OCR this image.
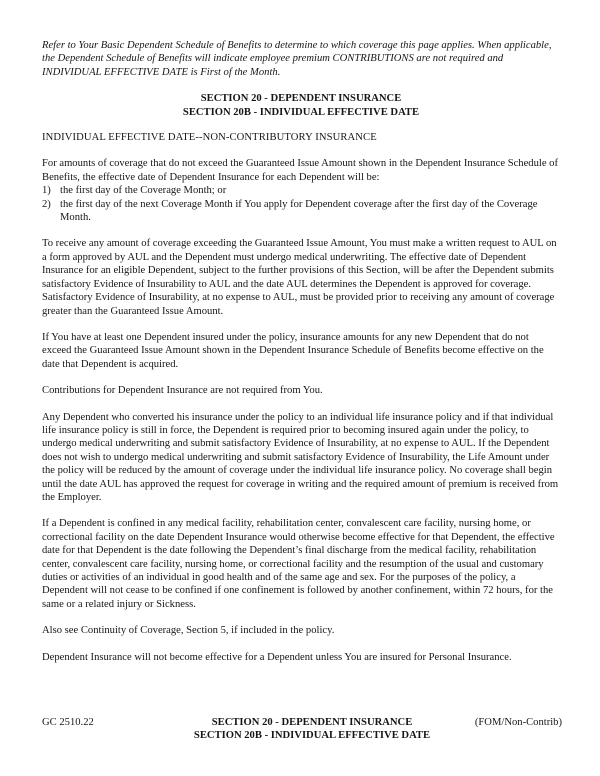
Refer to Your Basic Dependent Schedule of Benefits to determine to which coverage this page applies. When applicable, the Dependent Schedule of Benefits will indicate employee premium CONTRIBUTIONS are not required and INDIVIDUAL EFFECTIVE DATE is First of the Month.

SECTION 20 - DEPENDENT INSURANCE
SECTION 20B - INDIVIDUAL EFFECTIVE DATE

INDIVIDUAL EFFECTIVE DATE--NON-CONTRIBUTORY INSURANCE

For amounts of coverage that do not exceed the Guaranteed Issue Amount shown in the Dependent Insurance Schedule of Benefits, the effective date of Dependent Insurance for each Dependent will be:

1) the first day of the Coverage Month; or
2) the first day of the next Coverage Month if You apply for Dependent coverage after the first day of the Coverage Month.

To receive any amount of coverage exceeding the Guaranteed Issue Amount, You must make a written request to AUL on a form approved by AUL and the Dependent must undergo medical underwriting. The effective date of Dependent Insurance for an eligible Dependent, subject to the further provisions of this Section, will be after the Dependent submits satisfactory Evidence of Insurability to AUL and the date AUL determines the Dependent is approved for coverage. Satisfactory Evidence of Insurability, at no expense to AUL, must be provided prior to receiving any amount of coverage greater than the Guaranteed Issue Amount.

If You have at least one Dependent insured under the policy, insurance amounts for any new Dependent that do not exceed the Guaranteed Issue Amount shown in the Dependent Insurance Schedule of Benefits become effective on the date that Dependent is acquired.

Contributions for Dependent Insurance are not required from You.

Any Dependent who converted his insurance under the policy to an individual life insurance policy and if that individual life insurance policy is still in force, the Dependent is required prior to becoming insured again under the policy, to undergo medical underwriting and submit satisfactory Evidence of Insurability, at no expense to AUL. If the Dependent does not wish to undergo medical underwriting and submit satisfactory Evidence of Insurability, the Life Amount under the policy will be reduced by the amount of coverage under the individual life insurance policy. No coverage shall begin until the date AUL has approved the request for coverage in writing and the required amount of premium is received from the Employer.

If a Dependent is confined in any medical facility, rehabilitation center, convalescent care facility, nursing home, or correctional facility on the date Dependent Insurance would otherwise become effective for that Dependent, the effective date for that Dependent is the date following the Dependent’s final discharge from the medical facility, rehabilitation center, convalescent care facility, nursing home, or correctional facility and the resumption of the usual and customary duties or activities of an individual in good health and of the same age and sex. For the purposes of the policy, a Dependent will not cease to be confined if one confinement is followed by another confinement, within 72 hours, for the same or a related injury or Sickness.

Also see Continuity of Coverage, Section 5, if included in the policy.

Dependent Insurance will not become effective for a Dependent unless You are insured for Personal Insurance.

GC 2510.22	SECTION 20 - DEPENDENT INSURANCE
SECTION 20B - INDIVIDUAL EFFECTIVE DATE
(FOM/Non-Contrib)
